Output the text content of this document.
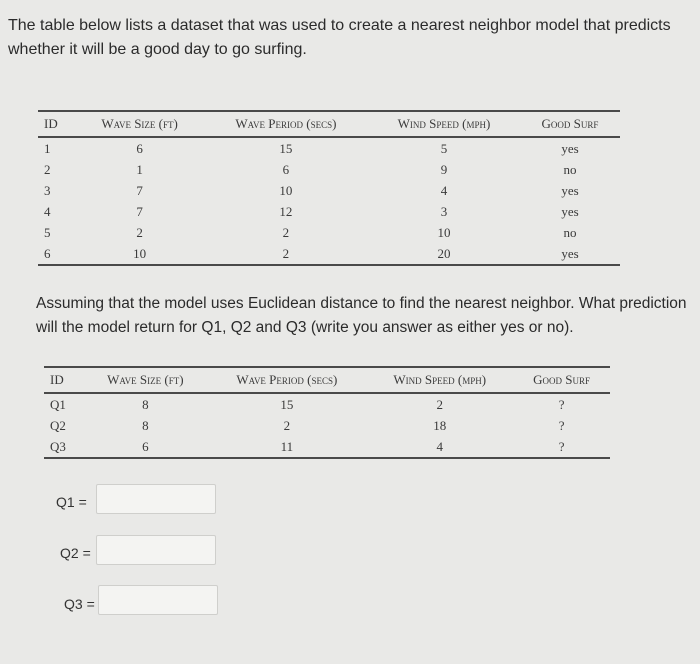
The table below lists a dataset that was used to create a nearest neighbor model that predicts whether it will be a good day to go surfing.
ID	Wave Size (ft)	Wave Period (secs)	Wind Speed (mph)	Good Surf
1	6	15	5	yes
2	1	6	9	no
3	7	10	4	yes
4	7	12	3	yes
5	2	2	10	no
6	10	2	20	yes
Assuming that the model uses Euclidean distance to find the nearest neighbor. What prediction will the model return for Q1, Q2 and Q3 (write you answer as either yes or no).
ID	Wave Size (ft)	Wave Period (secs)	Wind Speed (mph)	Good Surf
Q1	8	15	2	?
Q2	8	2	18	?
Q3	6	11	4	?
Q1 =
Q2 =
Q3 =
